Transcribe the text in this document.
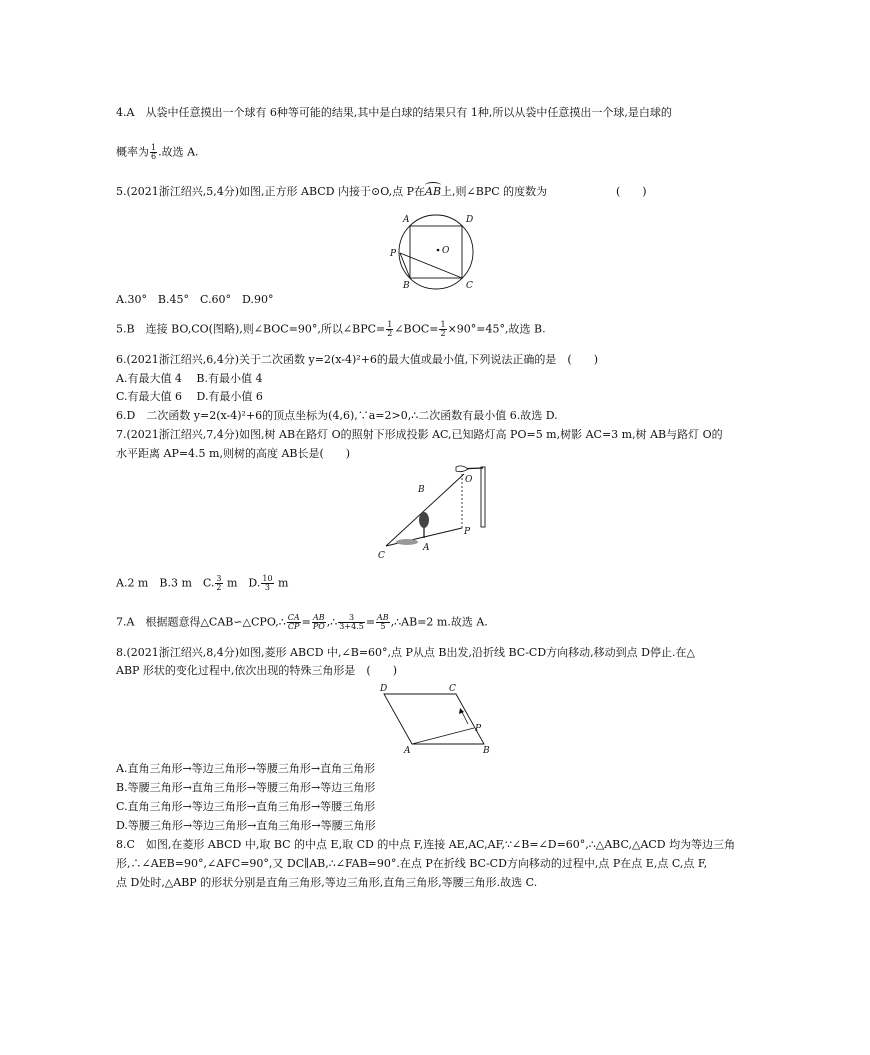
4.A　从袋中任意摸出一个球有 6种等可能的结果,其中是白球的结果只有 1种,所以从袋中任意摸出一个球,是白球的
概率为 $\frac{1}{6}$ .故选 A.
5.(2021浙江绍兴,5,4分)如图,正方形 ABCD 内接于⊙O,点 P在
AB上,则∠BPC 的度数为	(　　)
A	D
P	O
B	C
A.30°　B.45°　C.60°　D.90°
5.B　连接 BO,CO(图略),则∠BOC=90°,所以∠BPC= $\frac{1}{2}$ ∠BOC= $\frac{1}{2} \times 90^\circ=45^\circ$,故选 B.
6.(2021浙江绍兴,6,4分)关于二次函数 y=2(x-4)²+6的最大值或最小值,下列说法正确的是　(　　)
A.有最大值 4　 B.有最小值 4
C.有最大值 6　 D.有最小值 6
6.D　二次函数 y=2(x-4)²+6的顶点坐标为(4,6),∵a=2>0,∴二次函数有最小值 6.故选 D.
7.(2021浙江绍兴,7,4分)如图,树 AB在路灯 O的照射下形成投影 AC,已知路灯高 PO=5 m,树影 AC=3 m,树 AB与路灯 O的
水平距离 AP=4.5 m,则树的高度 AB长是(　　)
O
B
P
C
A
A.2 m　B.3 m　C. $\frac{3}{2}$ m　D. $\frac{10}{3}$ m
7.A　根据题意得△CAB∽△CPO,∴ $\frac{CA}{CP} = \frac{AB}{PO}$ ,∴ $\frac{3}{3+4.5} = \frac{AB}{5}$ ,∴AB=2 m.故选 A.
8.(2021浙江绍兴,8,4分)如图,菱形 ABCD 中,∠B=60°,点 P从点 B出发,沿折线 BC-CD方向移动,移动到点 D停止.在△
ABP 形状的变化过程中,依次出现的特殊三角形是　(　　)
D	C
P
A	B
A.直角三角形→等边三角形→等腰三角形→直角三角形
B.等腰三角形→直角三角形→等腰三角形→等边三角形
C.直角三角形→等边三角形→直角三角形→等腰三角形
D.等腰三角形→等边三角形→直角三角形→等腰三角形
8.C　如图,在菱形 ABCD 中,取 BC 的中点 E,取 CD 的中点 F,连接 AE,AC,AF,∵∠B=∠D=60°,∴△ABC,△ACD 均为等边三角
形,∴∠AEB=90°,∠AFC=90°,又 DC∥AB,∴∠FAB=90°.在点 P在折线 BC-CD方向移动的过程中,点 P在点 E,点 C,点 F,
点 D处时,△ABP 的形状分别是直角三角形,等边三角形,直角三角形,等腰三角形.故选 C.
